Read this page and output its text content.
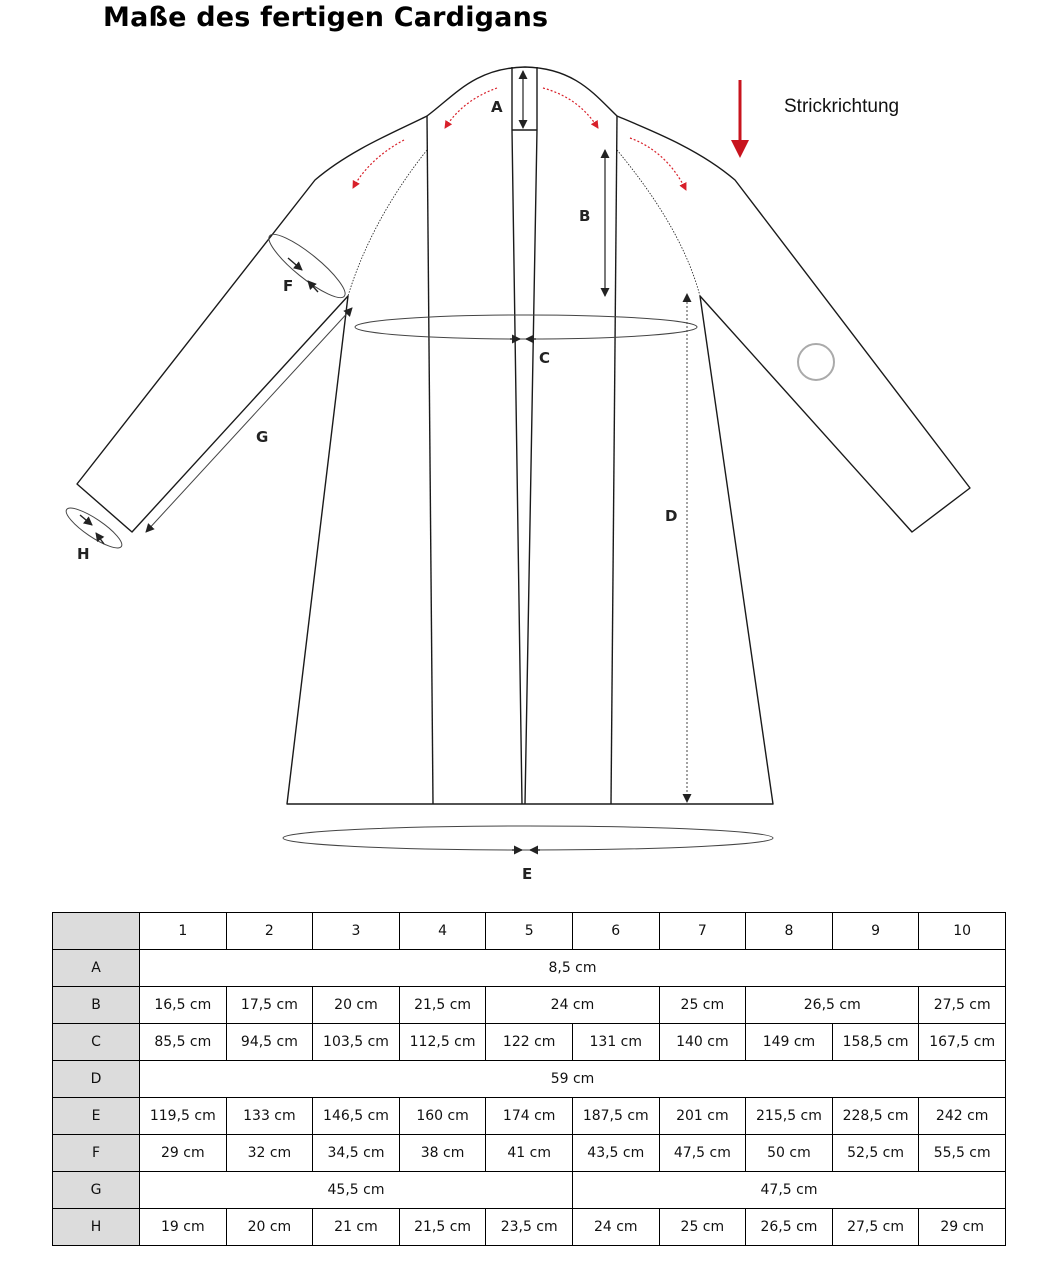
Maße des fertigen Cardigans
Strickrichtung
A
B
C
D
E
F
G
H
	1	2	3	4	5	6	7	8	9	10
A	8,5 cm									
B	16,5 cm	17,5 cm	20 cm	21,5 cm	24 cm		25 cm	26,5 cm		27,5 cm
C	85,5 cm	94,5 cm	103,5 cm	112,5 cm	122 cm	131 cm	140 cm	149 cm	158,5 cm	167,5 cm
D	59 cm									
E	119,5 cm	133 cm	146,5 cm	160 cm	174 cm	187,5 cm	201 cm	215,5 cm	228,5 cm	242 cm
F	29 cm	32 cm	34,5 cm	38 cm	41 cm	43,5 cm	47,5 cm	50 cm	52,5 cm	55,5 cm
G	45,5 cm					47,5 cm				
H	19 cm	20 cm	21 cm	21,5 cm	23,5 cm	24 cm	25 cm	26,5 cm	27,5 cm	29 cm
